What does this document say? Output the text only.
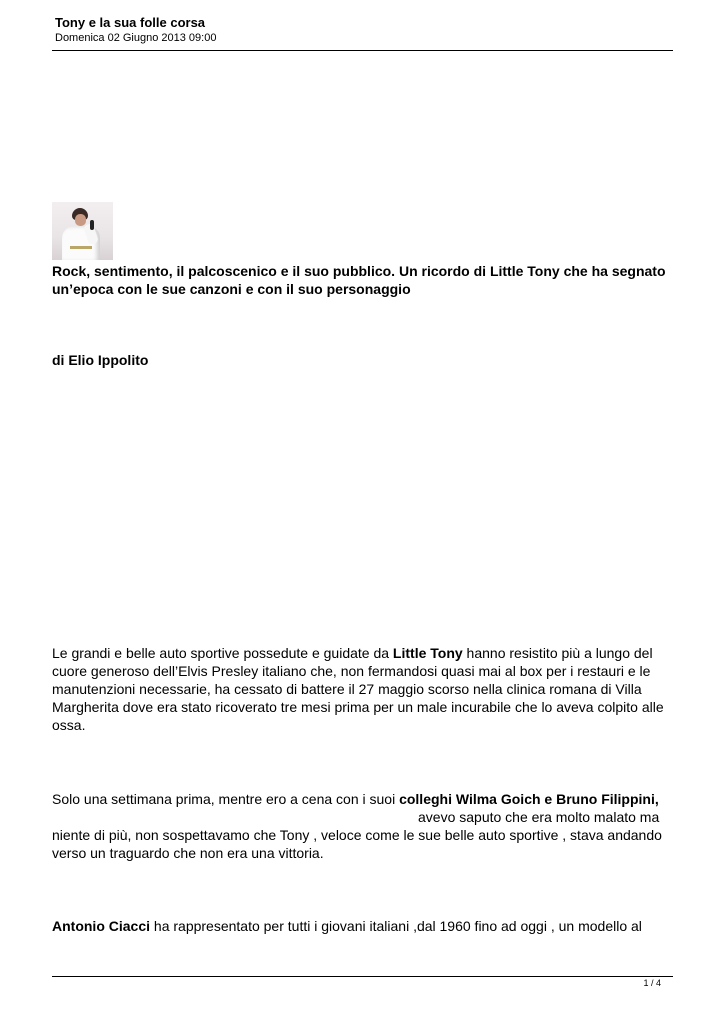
Tony e la sua folle corsa
Domenica 02 Giugno 2013 09:00
Rock, sentimento, il palcoscenico e il suo pubblico. Un ricordo di Little Tony che ha segnato un’epoca con le sue canzoni e con il suo personaggio
di Elio Ippolito
Le grandi e belle auto sportive possedute e guidate da Little Tony hanno resistito più a lungo del cuore generoso dell’Elvis Presley italiano che, non fermandosi quasi mai al box per i restauri e le manutenzioni necessarie, ha cessato di battere il 27 maggio scorso nella clinica romana di Villa Margherita dove era stato ricoverato tre mesi prima per un male incurabile che lo aveva colpito alle ossa.
Solo una settimana prima, mentre ero a cena con i suoi colleghi Wilma Goich e Bruno Filippini,avevo saputo che era molto malato ma niente di più, non sospettavamo che Tony , veloce come le sue belle auto sportive , stava andando verso un traguardo che non era una vittoria.
Antonio Ciacci ha rappresentato per tutti i giovani italiani ,dal 1960 fino ad oggi , un modello al
1 / 4
